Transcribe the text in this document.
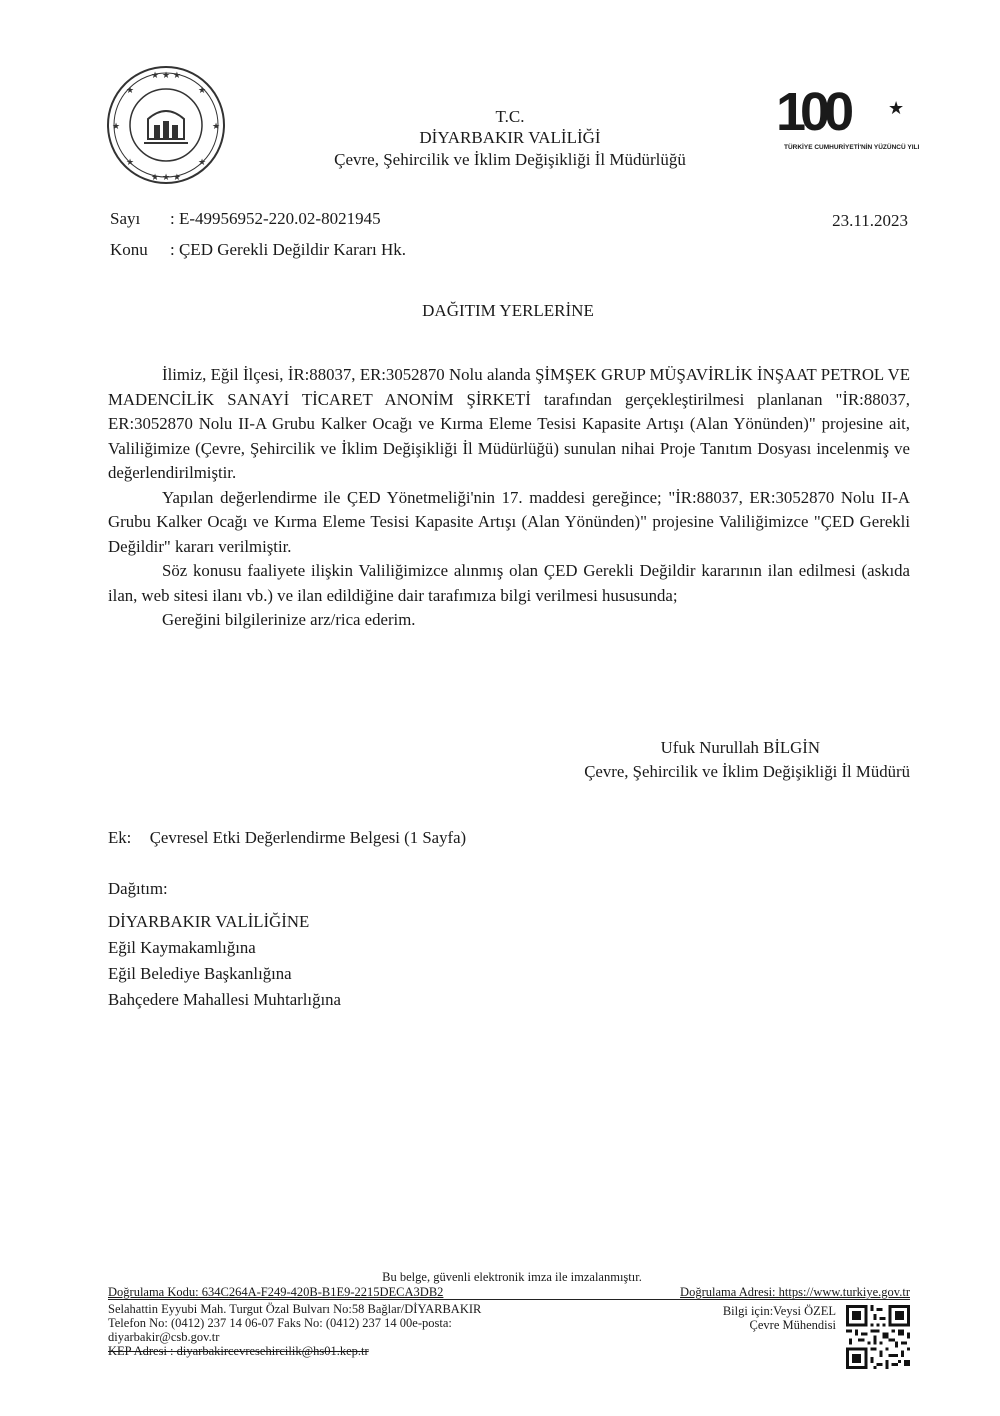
★ ★ ★
★ ★ ★
★	★
★	★
★	★
T.C.
DİYARBAKIR VALİLİĞİ
Çevre, Şehircilik ve İklim Değişikliği İl Müdürlüğü
100	★
TÜRKİYE CUMHURİYETİ'NİN YÜZÜNCÜ YILI
Sayı : E-49956952-220.02-8021945	23.11.2023
Konu : ÇED Gerekli Değildir Kararı Hk.
DAĞITIM YERLERİNE

İlimiz, Eğil İlçesi, İR:88037, ER:3052870 Nolu alanda ŞİMŞEK GRUP MÜŞAVİRLİK İNŞAAT PETROL VE MADENCİLİK SANAYİ TİCARET ANONİM ŞİRKETİ tarafından gerçekleştirilmesi planlanan "İR:88037, ER:3052870 Nolu II-A Grubu Kalker Ocağı ve Kırma Eleme Tesisi Kapasite Artışı (Alan Yönünden)" projesine ait, Valiliğimize (Çevre, Şehircilik ve İklim Değişikliği İl Müdürlüğü) sunulan nihai Proje Tanıtım Dosyası incelenmiş ve değerlendirilmiştir.

Yapılan değerlendirme ile ÇED Yönetmeliği'nin 17. maddesi gereğince; "İR:88037, ER:3052870 Nolu II-A Grubu Kalker Ocağı ve Kırma Eleme Tesisi Kapasite Artışı (Alan Yönünden)" projesine Valiliğimizce "ÇED Gerekli Değildir" kararı verilmiştir.

Söz konusu faaliyete ilişkin Valiliğimizce alınmış olan ÇED Gerekli Değildir kararının ilan edilmesi (askıda ilan, web sitesi ilanı vb.) ve ilan edildiğine dair tarafımıza bilgi verilmesi hususunda;

Gereğini bilgilerinize arz/rica ederim.

Ufuk Nurullah BİLGİN
Çevre, Şehircilik ve İklim Değişikliği İl Müdürü
Ek: Çevresel Etki Değerlendirme Belgesi (1 Sayfa)
Dağıtım:
DİYARBAKIR VALİLİĞİNE
Eğil Kaymakamlığına
Eğil Belediye Başkanlığına
Bahçedere Mahallesi Muhtarlığına
Bu belge, güvenli elektronik imza ile imzalanmıştır.
Doğrulama Kodu: 634C264A-F249-420B-B1E9-2215DECA3DB2	Doğrulama Adresi: https://www.turkiye.gov.tr
Selahattin Eyyubi Mah. Turgut Özal Bulvarı No:58 Bağlar/DİYARBAKIR
Telefon No: (0412) 237 14 06-07 Faks No: (0412) 237 14 00e-posta:
diyarbakir@csb.gov.tr
KEP Adresi : diyarbakircevresehircilik@hs01.kep.tr
Bilgi için:Veysi ÖZEL
Çevre Mühendisi
